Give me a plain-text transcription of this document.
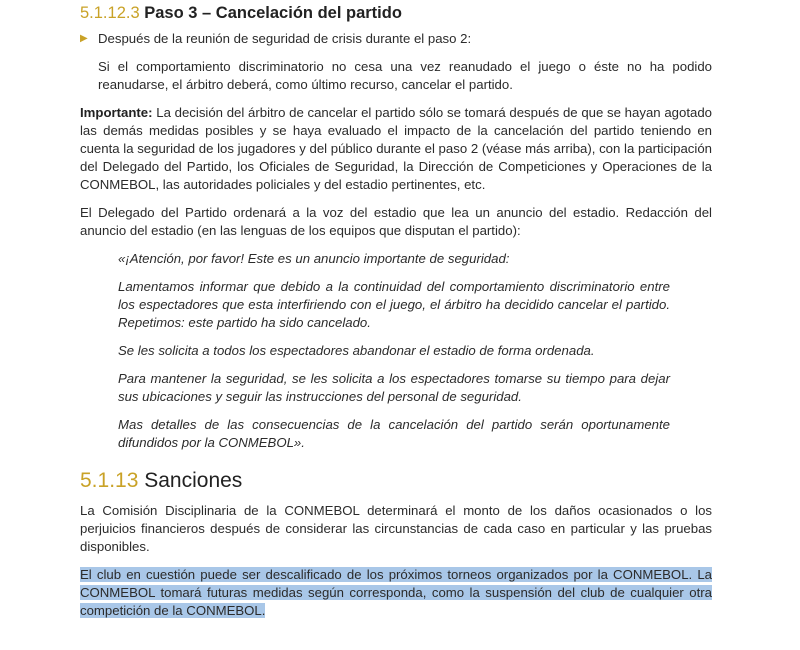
5.1.12.3 Paso 3 – Cancelación del partido
▶ Después de la reunión de seguridad de crisis durante el paso 2:

Si el comportamiento discriminatorio no cesa una vez reanudado el juego o éste no ha podido reanudarse, el árbitro deberá, como último recurso, cancelar el partido.

Importante: La decisión del árbitro de cancelar el partido sólo se tomará después de que se hayan agotado las demás medidas posibles y se haya evaluado el impacto de la cancelación del partido teniendo en cuenta la seguridad de los jugadores y del público durante el paso 2 (véase más arriba), con la participación del Delegado del Partido, los Oficiales de Seguridad, la Dirección de Competiciones y Operaciones de la CONMEBOL, las autoridades policiales y del estadio pertinentes, etc.

El Delegado del Partido ordenará a la voz del estadio que lea un anuncio del estadio. Redacción del anuncio del estadio (en las lenguas de los equipos que disputan el partido):

«¡Atención, por favor! Este es un anuncio importante de seguridad:

Lamentamos informar que debido a la continuidad del comportamiento discriminatorio entre los espectadores que esta interfiriendo con el juego, el árbitro ha decidido cancelar el partido. Repetimos: este partido ha sido cancelado.

Se les solicita a todos los espectadores abandonar el estadio de forma ordenada.

Para mantener la seguridad, se les solicita a los espectadores tomarse su tiempo para dejar sus ubicaciones y seguir las instrucciones del personal de seguridad.

Mas detalles de las consecuencias de la cancelación del partido serán oportunamente difundidos por la CONMEBOL».

5.1.13 Sanciones

La Comisión Disciplinaria de la CONMEBOL determinará el monto de los daños ocasionados o los perjuicios financieros después de considerar las circunstancias de cada caso en particular y las pruebas disponibles.

El club en cuestión puede ser descalificado de los próximos torneos organizados por la CONMEBOL. La CONMEBOL tomará futuras medidas según corresponda, como la suspensión del club de cualquier otra competición de la CONMEBOL.
